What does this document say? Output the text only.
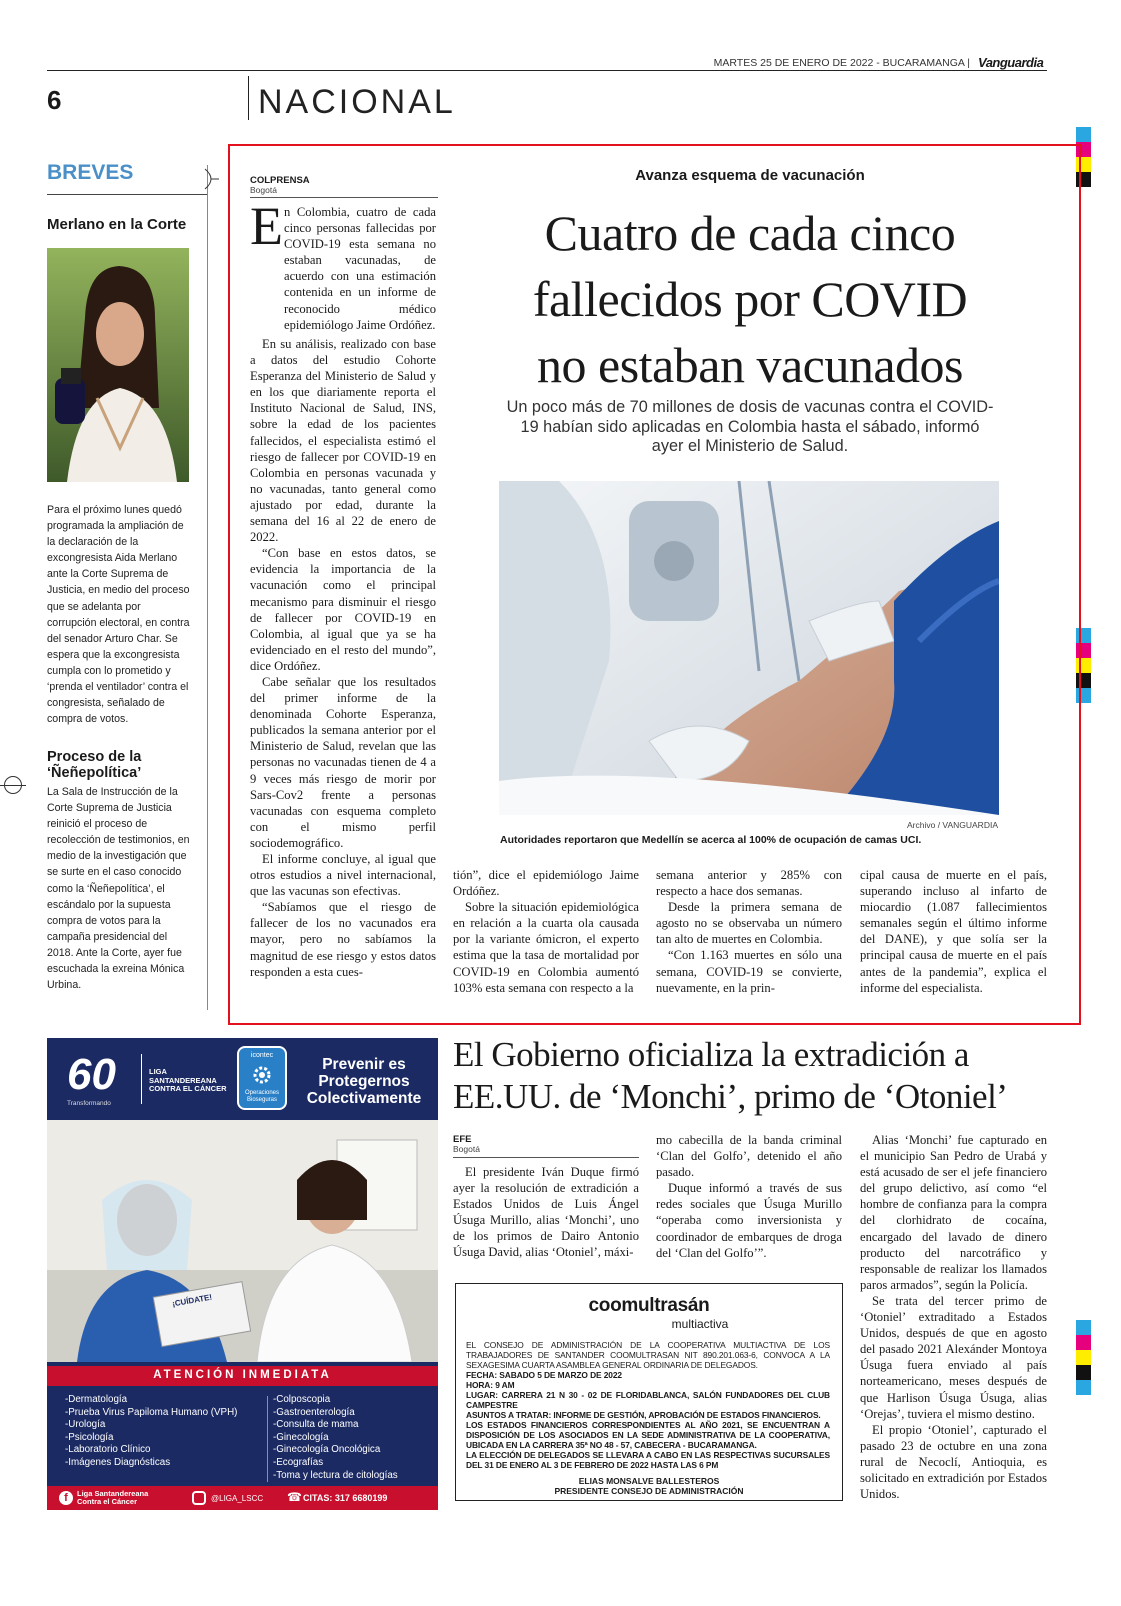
MARTES 25 DE ENERO DE 2022 - BUCARAMANGA | Vanguardia
6	NACIONAL
BREVES
Merlano en la Corte
Para el próximo lunes quedó programada la ampliación de la declaración de la excongresista Aida Merlano ante la Corte Suprema de Justicia, en medio del proceso que se adelanta por corrupción electoral, en contra del senador Arturo Char. Se espera que la excongresista cumpla con lo prometido y ‘prenda el ventilador’ contra el congresista, señalado de compra de votos.
Proceso de la ‘Ñeñepolítica’
La Sala de Instrucción de la Corte Suprema de Justicia reinició el proceso de recolección de testimonios, en medio de la investigación que se surte en el caso conocido como la ‘Ñeñepolítica’, el escándalo por la supuesta compra de votos para la campaña presidencial del 2018. Ante la Corte, ayer fue escuchada la exreina Mónica Urbina.
COLPRENSA
Bogotá
Avanza esquema de vacunación
Cuatro de cada cinco
fallecidos por COVID
no estaban vacunados
Un poco más de 70 millones de dosis de vacunas contra el COVID-19 habían sido aplicadas en Colombia hasta el sábado, informó ayer el Ministerio de Salud.
Archivo / VANGUARDIA
Autoridades reportaron que Medellín se acerca al 100% de ocupación de camas UCI.
E n Colombia, cuatro de cada cinco personas fallecidas por COVID-19 esta semana no estaban vacunadas, de acuerdo con una estimación contenida en un informe de reconocido médico epidemiólogo Jaime Ordóñez.

En su análisis, realizado con base a datos del estudio Cohorte Esperanza del Ministerio de Salud y en los que diariamente reporta el Instituto Nacional de Salud, INS, sobre la edad de los pacientes fallecidos, el especialista estimó el riesgo de fallecer por COVID-19 en Colombia en personas vacunada y no vacunadas, tanto general como ajustado por edad, durante la semana del 16 al 22 de enero de 2022.

“Con base en estos datos, se evidencia la importancia de la vacunación como el principal mecanismo para disminuir el riesgo de fallecer por COVID-19 en Colombia, al igual que ya se ha evidenciado en el resto del mundo”, dice Ordóñez.

Cabe señalar que los resultados del primer informe de la denominada Cohorte Esperanza, publicados la semana anterior por el Ministerio de Salud, revelan que las personas no vacunadas tienen de 4 a 9 veces más riesgo de morir por Sars-Cov2 frente a personas vacunadas con esquema completo con el mismo perfil sociodemográfico.

El informe concluye, al igual que otros estudios a nivel internacional, que las vacunas son efectivas.

“Sabíamos que el riesgo de fallecer de los no vacunados era mayor, pero no sabíamos la magnitud de ese riesgo y estos datos responden a esta cues-

tión”, dice el epidemiólogo Jaime Ordóñez.

Sobre la situación epidemiológica en relación a la cuarta ola causada por la variante ómicron, el experto estima que la tasa de mortalidad por COVID-19 en Colombia aumentó 103% esta semana con respecto a la

semana anterior y 285% con respecto a hace dos semanas.

Desde la primera semana de agosto no se observaba un número tan alto de muertes en Colombia.

“Con 1.163 muertes en sólo una semana, COVID-19 se convierte, nuevamente, en la prin-

cipal causa de muerte en el país, superando incluso al infarto de miocardio (1.087 fallecimientos semanales según el último informe del DANE), y que solía ser la principal causa de muerte en el país antes de la pandemia”, explica el informe del especialista.

60
Transformando
LIGA SANTANDEREANA CONTRA EL CÁNCER
icontec
Operaciones Bioseguras
Prevenir es
Protegernos
Colectivamente
¡CUÍDATE!
ATENCIÓN INMEDIATA
-Dermatología
-Prueba Virus Papiloma Humano (VPH)
-Urología
-Psicología
-Laboratorio Clínico
-Imágenes Diagnósticas
-Colposcopia
-Gastroenterología
-Consulta de mama
-Ginecología
-Ginecología Oncológica
-Ecografías
-Toma y lectura de citologías
f	Liga Santandereana Contra el Cáncer	@LIGA_LSCC ☎ CITAS: 317 6680199
El Gobierno oficializa la extradición a
EE.UU. de ‘Monchi’, primo de ‘Otoniel’
EFE
Bogotá

El presidente Iván Duque firmó ayer la resolución de extradición a Estados Unidos de Luis Ángel Úsuga Murillo, alias ‘Monchi’, uno de los primos de Dairo Antonio Úsuga David, alias ‘Otoniel’, máxi-

mo cabecilla de la banda criminal ‘Clan del Golfo’, detenido el año pasado.

Duque informó a través de sus redes sociales que Úsuga Murillo “operaba como inversionista y coordinador de embarques de droga del ‘Clan del Golfo’”.

Alias ‘Monchi’ fue capturado en el municipio San Pedro de Urabá y está acusado de ser el jefe financiero del grupo delictivo, así como “el hombre de confianza para la compra del clorhidrato de cocaína, encargado del lavado de dinero producto del narcotráfico y responsable de realizar los llamados paros armados”, según la Policía.

Se trata del tercer primo de ‘Otoniel’ extraditado a Estados Unidos, después de que en agosto del pasado 2021 Alexánder Montoya Úsuga fuera enviado al país norteamericano, meses después de que Harlison Úsuga Úsuga, alias ‘Orejas’, tuviera el mismo destino.

El propio ‘Otoniel’, capturado el pasado 23 de octubre en una zona rural de Necoclí, Antioquia, es solicitado en extradición por Estados Unidos.

coomultrasán
multiactiva
EL CONSEJO DE ADMINISTRACIÓN DE LA COOPERATIVA MULTIACTIVA DE LOS TRABAJADORES DE SANTANDER COOMULTRASAN NIT 890.201.063-6, CONVOCA A LA SEXAGESIMA CUARTA ASAMBLEA GENERAL ORDINARIA DE DELEGADOS.
FECHA: SABADO 5 DE MARZO DE 2022
HORA: 9 AM
LUGAR: CARRERA 21 N 30 - 02 DE FLORIDABLANCA, SALÓN FUNDADORES DEL CLUB CAMPESTRE
ASUNTOS A TRATAR: INFORME DE GESTIÓN, APROBACIÓN DE ESTADOS FINANCIEROS.
LOS ESTADOS FINANCIEROS CORRESPONDIENTES AL AÑO 2021, SE ENCUENTRAN A DISPOSICIÓN DE LOS ASOCIADOS EN LA SEDE ADMINISTRATIVA DE LA COOPERATIVA, UBICADA EN LA CARRERA 35ª NO 48 - 57, CABECERA - BUCARAMANGA.
LA ELECCIÓN DE DELEGADOS SE LLEVARA A CABO EN LAS RESPECTIVAS SUCURSALES DEL 31 DE ENERO AL 3 DE FEBRERO DE 2022 HASTA LAS 6 PM
ELIAS MONSALVE BALLESTEROS
PRESIDENTE CONSEJO DE ADMINISTRACIÓN
